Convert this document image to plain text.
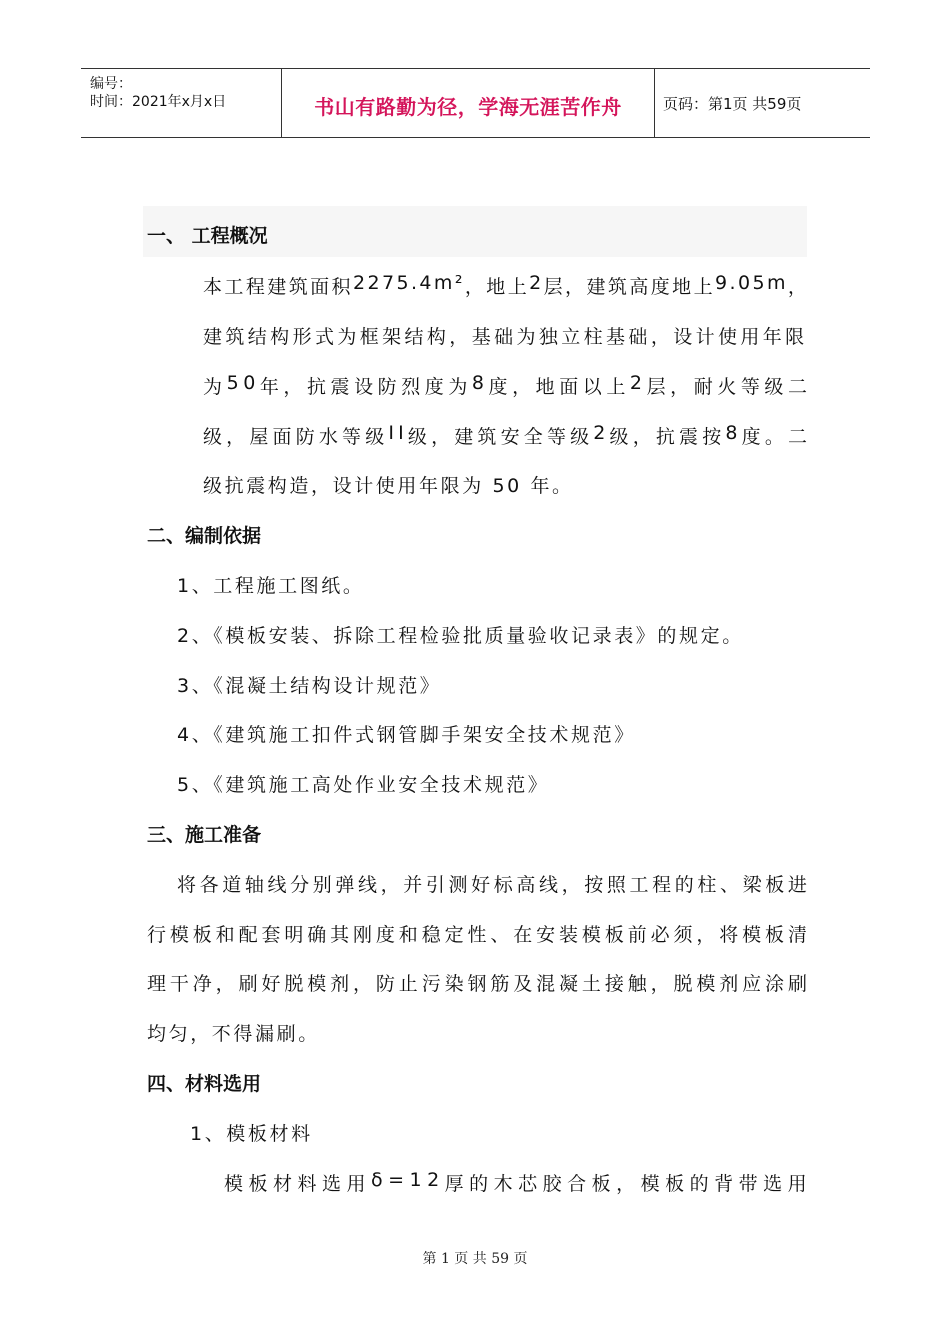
编号：
时间：2021年x月x日	书山有路勤为径，学海无涯苦作舟	页码：第1页 共59页
一、 工程概况
本 工 程 建 筑 面 积 2 2 7 5 . 4 m ² ， 地 上 2 层 ， 建 筑 高 度 地 上 9 . 0 5 m ，
建 筑 结 构 形 式 为 框 架 结 构 ， 基 础 为 独 立 柱 基 础 ， 设 计 使 用 年 限
为 5 0 年 ， 抗 震 设 防 烈 度 为 8 度 ， 地 面 以 上 2 层 ， 耐 火 等 级 二
级 ， 屋 面 防 水 等 级 I I 级 ， 建 筑 安 全 等 级 2 级 ， 抗 震 按 8 度 。 二
级抗震构造，设计使用年限为 50 年。
二、编制依据
1、工程施工图纸。
2、《模板安装、拆除工程检验批质量验收记录表》的规定。
3、《混凝土结构设计规范》
4、《建筑施工扣件式钢管脚手架安全技术规范》
5、《建筑施工高处作业安全技术规范》
三、施工准备
将 各 道 轴 线 分 别 弹 线 ， 并 引 测 好 标 高 线 ， 按 照 工 程 的 柱 、 梁 板 进
行 模 板 和 配 套 明 确 其 刚 度 和 稳 定 性 、 在 安 装 模 板 前 必 须 ， 将 模 板 清
理 干 净 ， 刷 好 脱 模 剂 ， 防 止 污 染 钢 筋 及 混 凝 土 接 触 ， 脱 模 剂 应 涂 刷
均匀，不得漏刷。
四、材料选用
1、模板材料
模 板 材 料 选 用 δ = 1 2 厚 的 木 芯 胶 合 板 ， 模 板 的 背 带 选 用
第 1 页 共 59 页
